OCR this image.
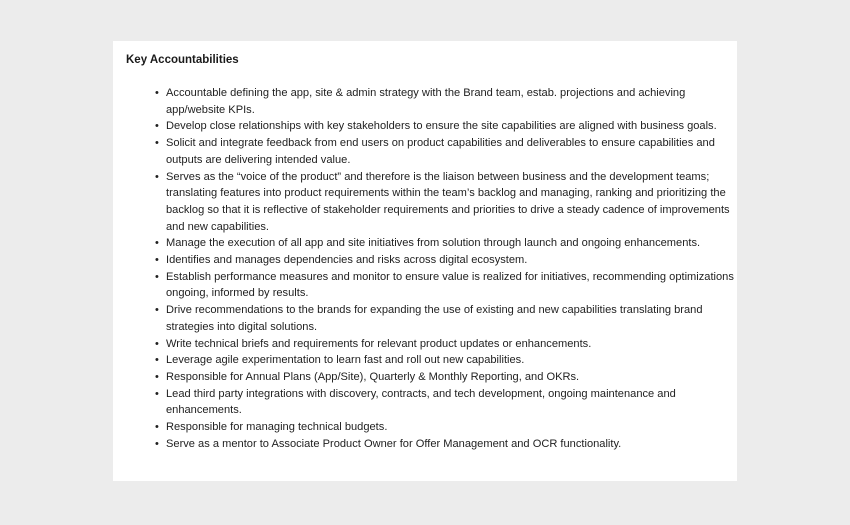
Key Accountabilities
• Accountable defining the app, site & admin strategy with the Brand team, estab. projections and achieving app/website KPIs.
• Develop close relationships with key stakeholders to ensure the site capabilities are aligned with business goals.
• Solicit and integrate feedback from end users on product capabilities and deliverables to ensure capabilities and outputs are delivering intended value.
• Serves as the “voice of the product” and therefore is the liaison between business and the development teams; translating features into product requirements within the team’s backlog and managing, ranking and prioritizing the backlog so that it is reflective of stakeholder requirements and priorities to drive a steady cadence of improvements and new capabilities.
• Manage the execution of all app and site initiatives from solution through launch and ongoing enhancements.
• Identifies and manages dependencies and risks across digital ecosystem.
• Establish performance measures and monitor to ensure value is realized for initiatives, recommending optimizations ongoing, informed by results.
• Drive recommendations to the brands for expanding the use of existing and new capabilities translating brand strategies into digital solutions.
• Write technical briefs and requirements for relevant product updates or enhancements.
• Leverage agile experimentation to learn fast and roll out new capabilities.
• Responsible for Annual Plans (App/Site), Quarterly & Monthly Reporting, and OKRs.
• Lead third party integrations with discovery, contracts, and tech development, ongoing maintenance and enhancements.
• Responsible for managing technical budgets.
• Serve as a mentor to Associate Product Owner for Offer Management and OCR functionality.
